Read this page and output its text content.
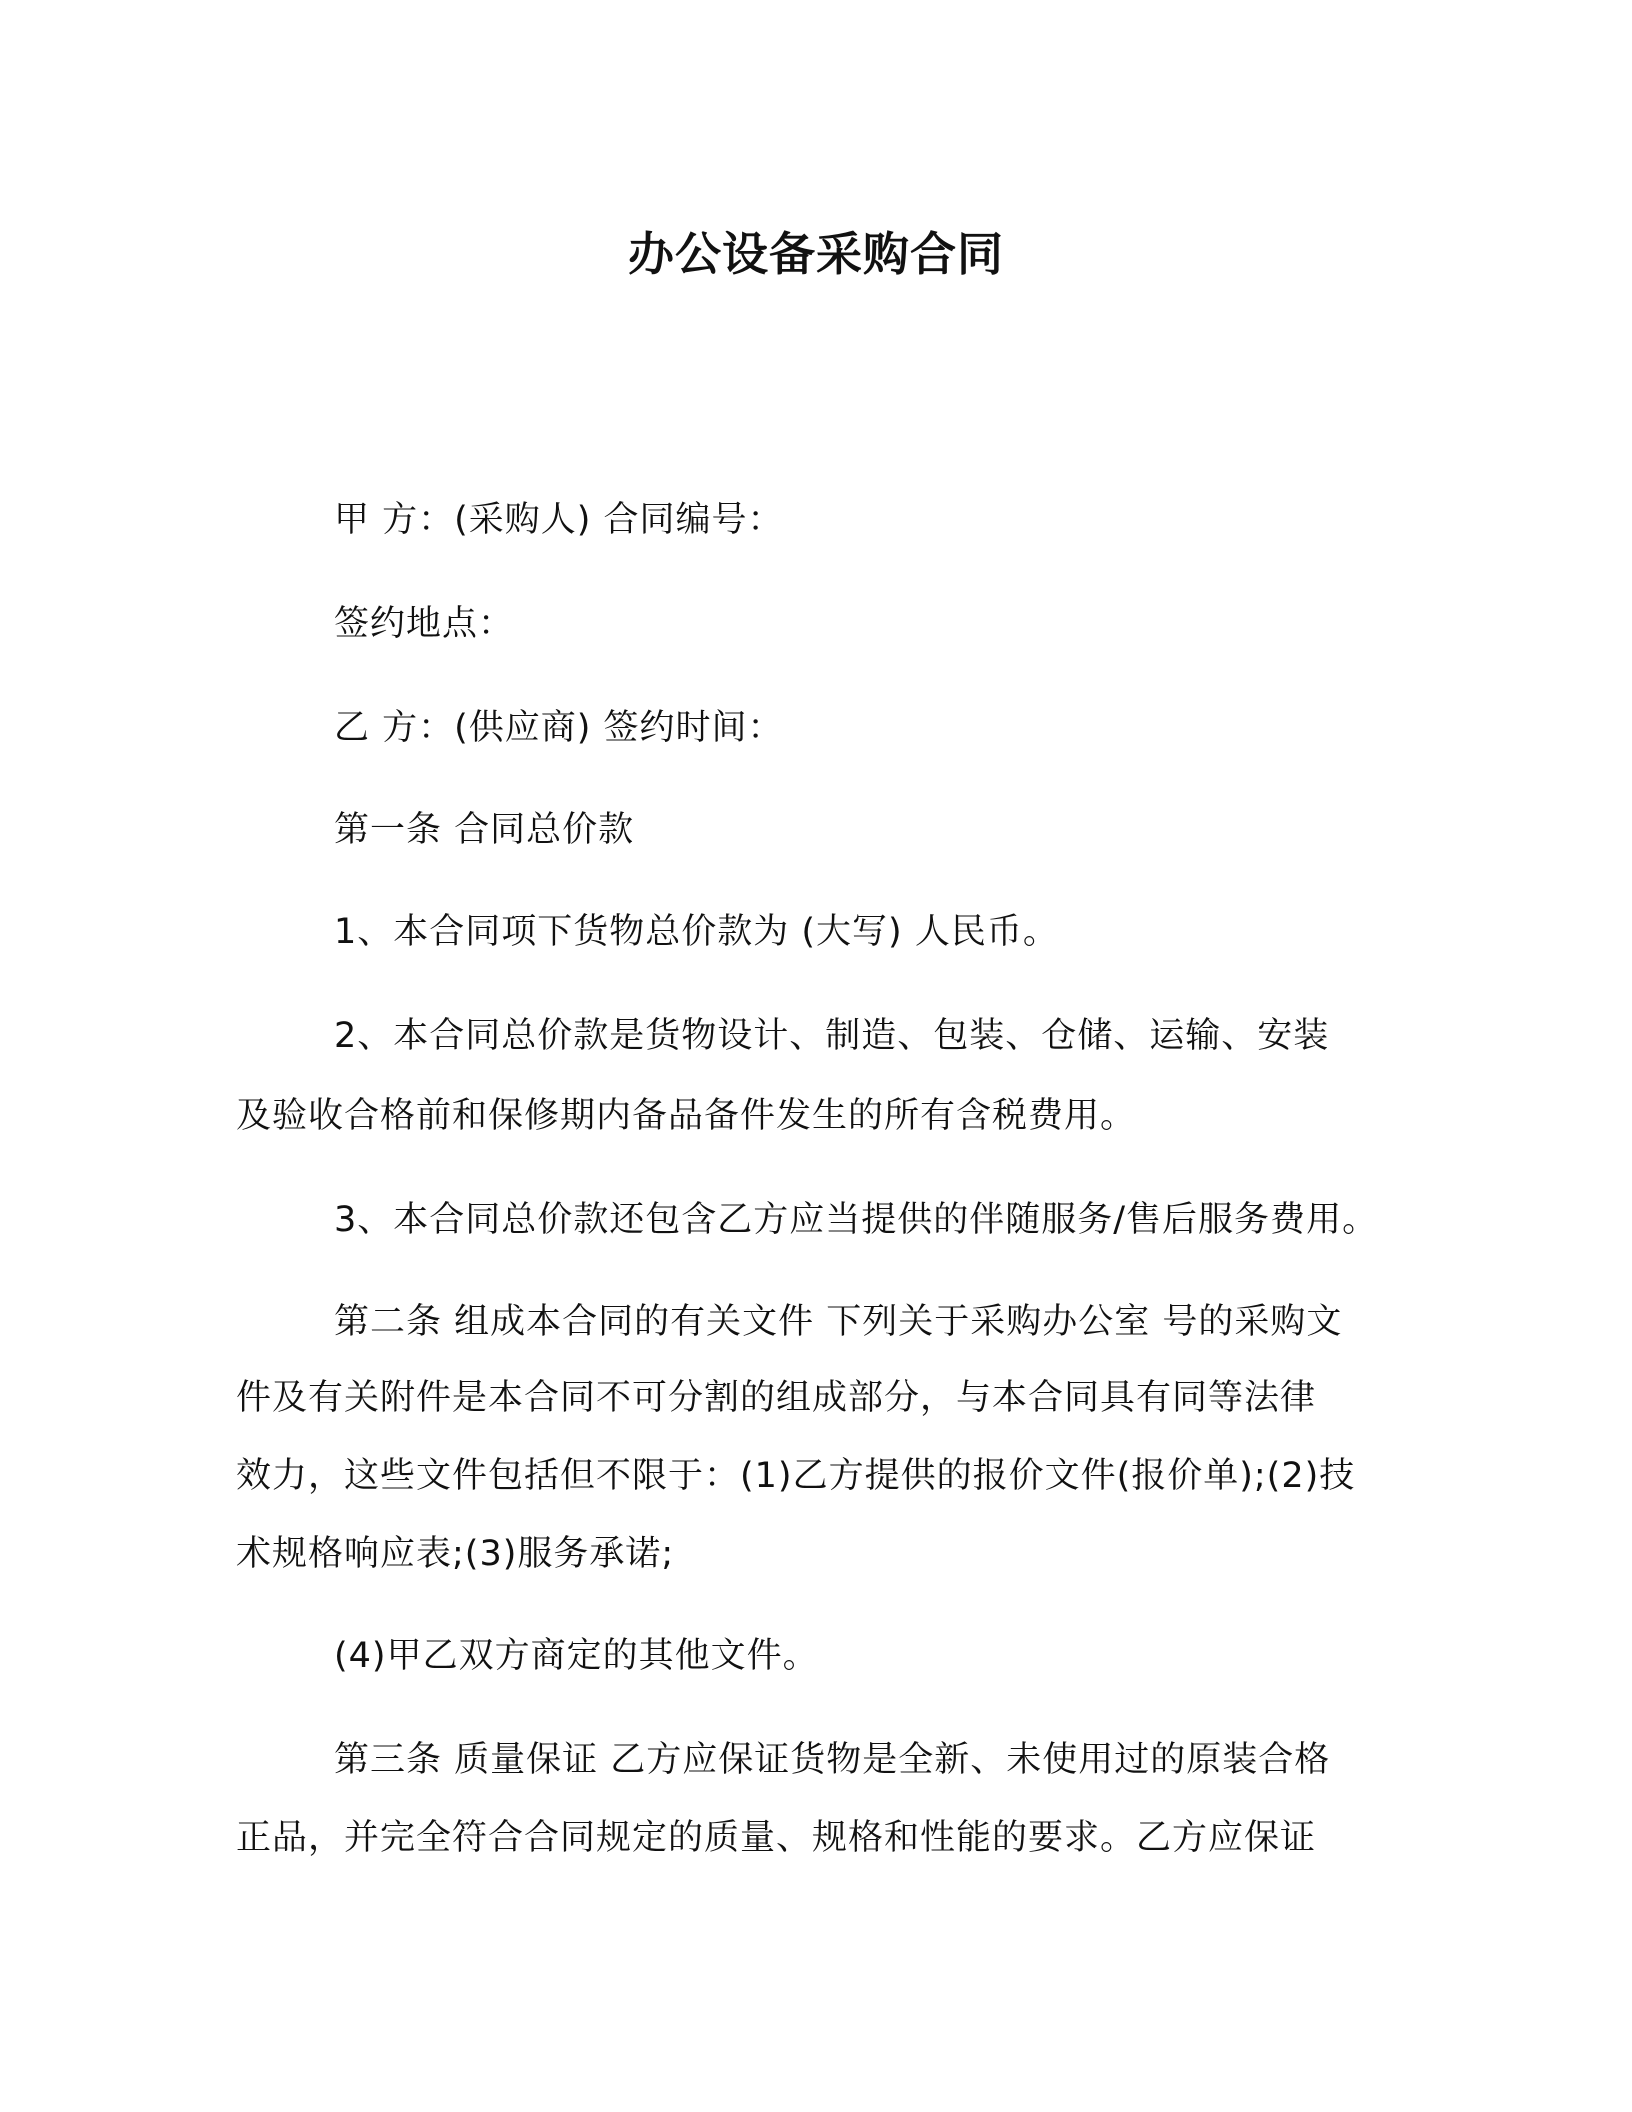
办公设备采购合同
甲 方：(采购人) 合同编号：
签约地点：
乙 方：(供应商) 签约时间：
第一条 合同总价款
1、本合同项下货物总价款为 (大写) 人民币。
2、本合同总价款是货物设计、制造、包装、仓储、运输、安装
及验收合格前和保修期内备品备件发生的所有含税费用。
3、本合同总价款还包含乙方应当提供的伴随服务/售后服务费用。
第二条 组成本合同的有关文件 下列关于采购办公室 号的采购文
件及有关附件是本合同不可分割的组成部分，与本合同具有同等法律
效力，这些文件包括但不限于：(1)乙方提供的报价文件(报价单);(2)技
术规格响应表;(3)服务承诺;
(4)甲乙双方商定的其他文件。
第三条 质量保证 乙方应保证货物是全新、未使用过的原装合格
正品，并完全符合合同规定的质量、规格和性能的要求。乙方应保证
